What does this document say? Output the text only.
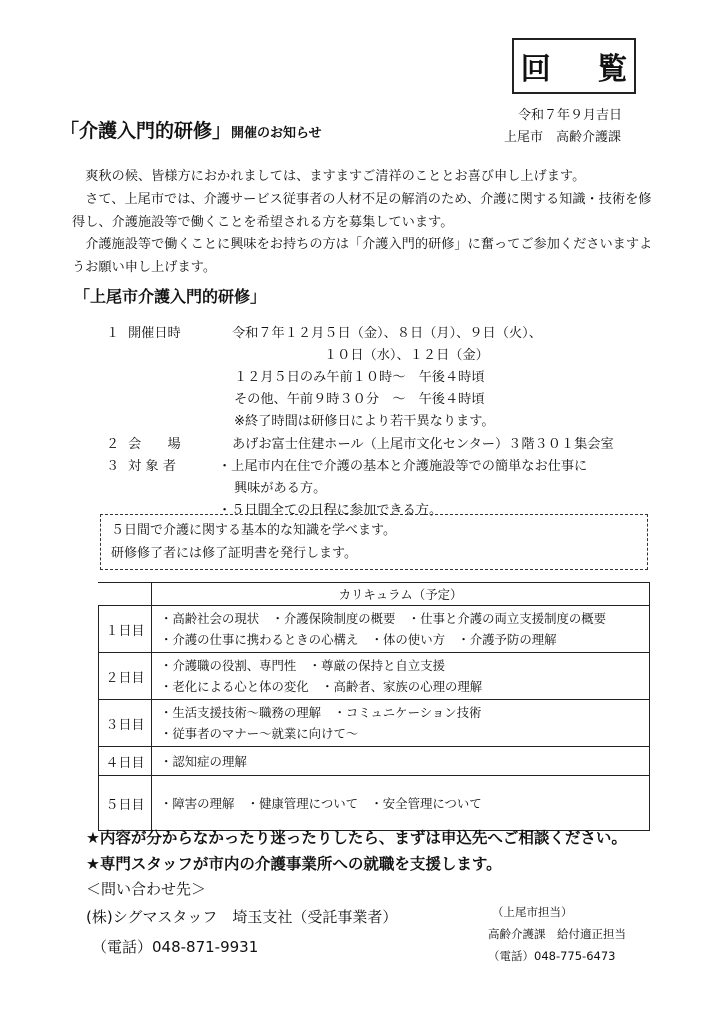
回 覧
令和７年９月吉日
上尾市　高齢介護課
「介護入門的研修」開催のお知らせ
爽秋の候、皆様方におかれましては、ますますご清祥のこととお喜び申し上げます。
さて、上尾市では、介護サービス従事者の人材不足の解消のため、介護に関する知識・技術を修得し、介護施設等で働くことを希望される方を募集しています。
介護施設等で働くことに興味をお持ちの方は「介護入門的研修」に奮ってご参加くださいますようお願い申し上げます。
「上尾市介護入門的研修」
１ 開催日時	令和７年１２月５日（金）、８日（月）、９日（火）、
１０日（水）、１２日（金）
１２月５日のみ午前１０時～　午後４時頃
その他、午前９時３０分　～　午後４時頃
※終了時間は研修日により若干異なります。
２ 会　　場	あげお富士住建ホール（上尾市文化センター）３階３０１集会室
３ 対 象 者	・上尾市内在住で介護の基本と介護施設等での簡単なお仕事に
興味がある方。
・５日間全ての日程に参加できる方。
５日間で介護に関する基本的な知識を学べます。
研修修了者には修了証明書を発行します。
	カリキュラム（予定）
１日目	・高齢社会の現状　・介護保険制度の概要　・仕事と介護の両立支援制度の概要
・介護の仕事に携わるときの心構え　・体の使い方　・介護予防の理解

２日目	・介護職の役割、専門性　・尊厳の保持と自立支援
・老化による心と体の変化　・高齢者、家族の心理の理解

３日目	・生活支援技術～職務の理解　・コミュニケーション技術
・従事者のマナー～就業に向けて～

４日目	・認知症の理解

５日目	・障害の理解　・健康管理について　・安全管理について
★内容が分からなかったり迷ったりしたら、まずは申込先へご相談ください。
★専門スタッフが市内の介護事業所への就職を支援します。
＜問い合わせ先＞
(株)シグマスタッフ　埼玉支社（受託事業者）
（電話）048-871-9931
（上尾市担当）
高齢介護課　給付適正担当
（電話）048-775-6473
